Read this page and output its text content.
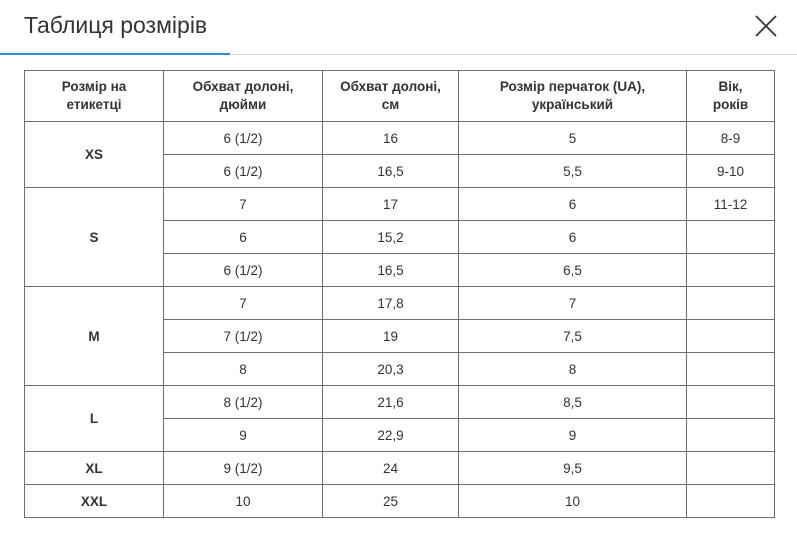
Таблиця розмірів
Розмір на етикетці	Обхват долоні, дюйми	Обхват долоні, см	Розмір перчаток (UA), український	Вік, років
XS	6 (1/2)	16	5	8-9
	6 (1/2)	16,5	5,5	9-10
S	7	17	6	11-12
	6	15,2	6	
	6 (1/2)	16,5	6,5	
M	7	17,8	7	
	7 (1/2)	19	7,5	
	8	20,3	8	
L	8 (1/2)	21,6	8,5	
	9	22,9	9	
XL	9 (1/2)	24	9,5	
XXL	10	25	10	
